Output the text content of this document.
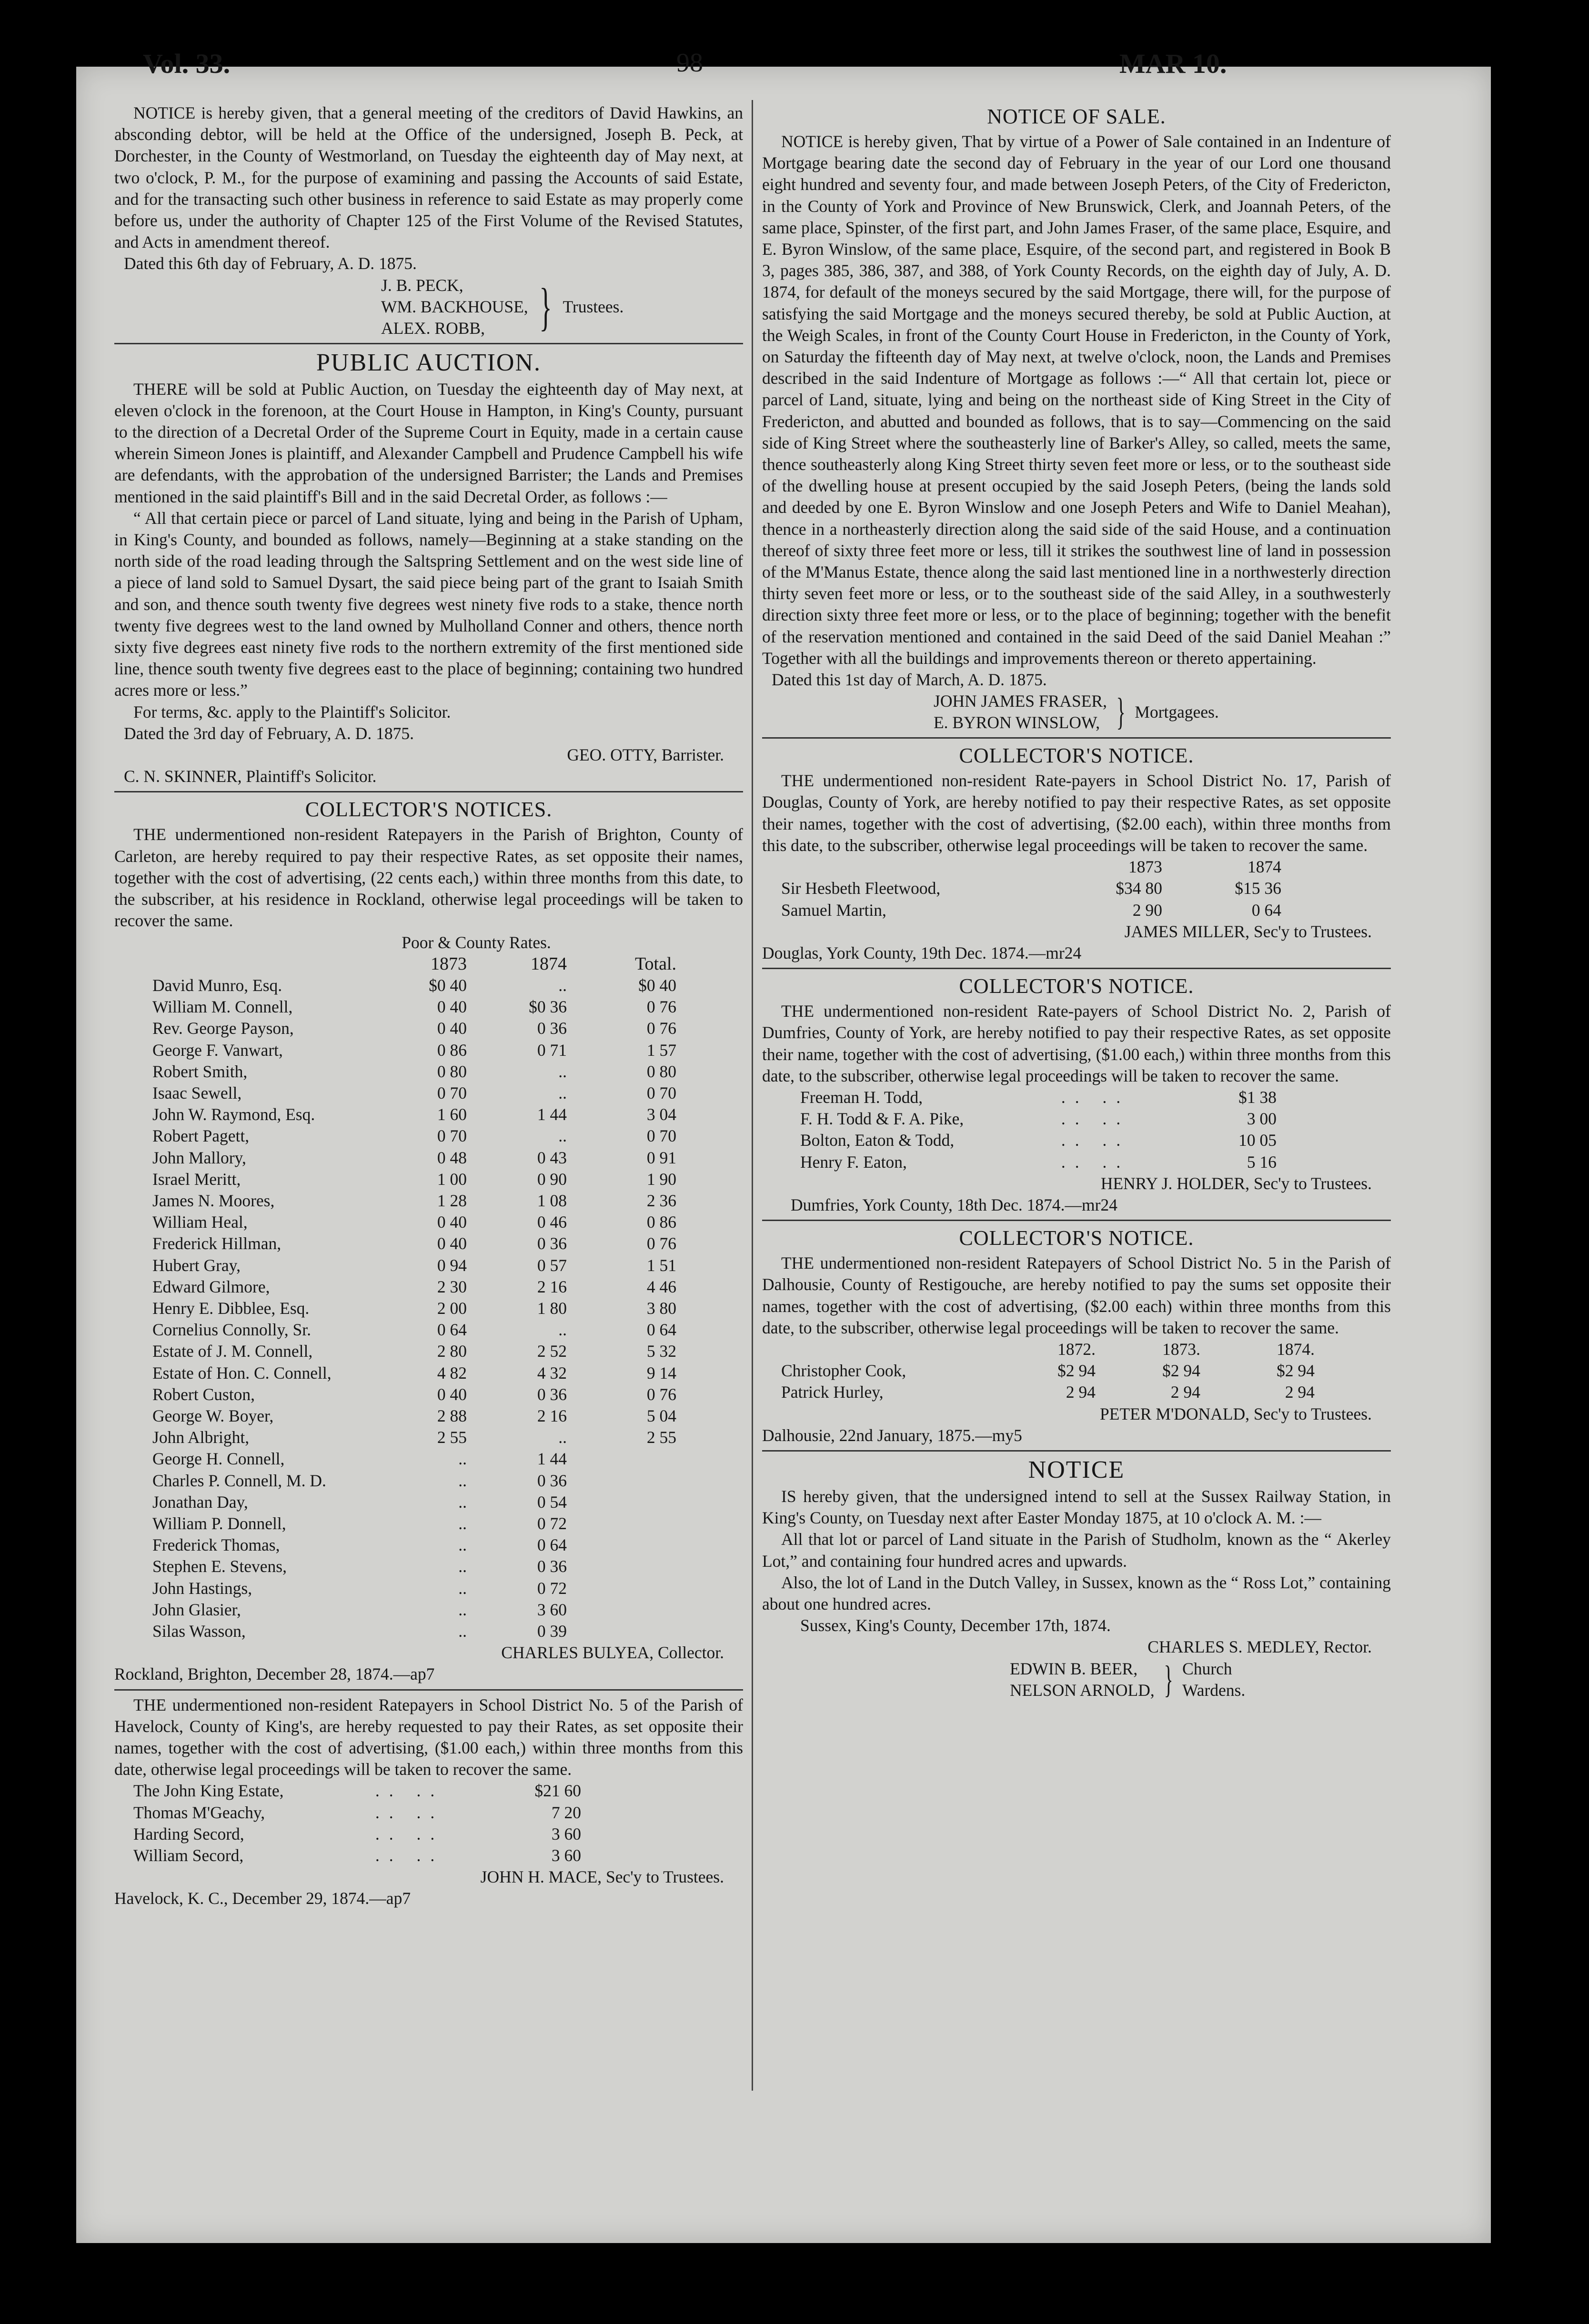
Vol. 33.	98	MAR 10.

NOTICE is hereby given, that a general meeting of the creditors of David Hawkins, an absconding debtor, will be held at the Office of the undersigned, Joseph B. Peck, at Dorchester, in the County of Westmorland, on Tuesday the eighteenth day of May next, at two o'clock, P. M., for the purpose of examining and passing the Accounts of said Estate, and for the transacting such other business in reference to said Estate as may properly come before us, under the authority of Chapter 125 of the First Volume of the Revised Statutes, and Acts in amendment thereof.

Dated this 6th day of February, A. D. 1875.

J. B. PECK,
WM. BACKHOUSE,
ALEX. ROBB,	} Trustees.
PUBLIC AUCTION.

THERE will be sold at Public Auction, on Tuesday the eighteenth day of May next, at eleven o'clock in the forenoon, at the Court House in Hampton, in King's County, pursuant to the direction of a Decretal Order of the Supreme Court in Equity, made in a certain cause wherein Simeon Jones is plaintiff, and Alexander Campbell and Prudence Campbell his wife are defendants, with the approbation of the undersigned Barrister; the Lands and Premises mentioned in the said plaintiff's Bill and in the said Decretal Order, as follows :—

“ All that certain piece or parcel of Land situate, lying and being in the Parish of Upham, in King's County, and bounded as follows, namely—Beginning at a stake standing on the north side of the road leading through the Saltspring Settlement and on the west side line of a piece of land sold to Samuel Dysart, the said piece being part of the grant to Isaiah Smith and son, and thence south twenty five degrees west ninety five rods to a stake, thence north twenty five degrees west to the land owned by Mulholland Conner and others, thence north sixty five degrees east ninety five rods to the northern extremity of the first mentioned side line, thence south twenty five degrees east to the place of beginning; containing two hundred acres more or less.”

For terms, &c. apply to the Plaintiff's Solicitor.

Dated the 3rd day of February, A. D. 1875.

GEO. OTTY, Barrister.
C. N. SKINNER, Plaintiff's Solicitor.
COLLECTOR'S NOTICES.

THE undermentioned non-resident Ratepayers in the Parish of Brighton, County of Carleton, are hereby required to pay their respective Rates, as set opposite their names, together with the cost of advertising, (22 cents each,) within three months from this date, to the subscriber, at his residence in Rockland, otherwise legal proceedings will be taken to recover the same.

Poor & County Rates.
	1873	1874	Total.
David Munro, Esq.	$0 40	..	$0 40
William M. Connell,	0 40	$0 36	0 76
Rev. George Payson,	0 40	0 36	0 76
George F. Vanwart,	0 86	0 71	1 57
Robert Smith,	0 80	..	0 80
Isaac Sewell,	0 70	..	0 70
John W. Raymond, Esq.	1 60	1 44	3 04
Robert Pagett,	0 70	..	0 70
John Mallory,	0 48	0 43	0 91
Israel Meritt,	1 00	0 90	1 90
James N. Moores,	1 28	1 08	2 36
William Heal,	0 40	0 46	0 86
Frederick Hillman,	0 40	0 36	0 76
Hubert Gray,	0 94	0 57	1 51
Edward Gilmore,	2 30	2 16	4 46
Henry E. Dibblee, Esq.	2 00	1 80	3 80
Cornelius Connolly, Sr.	0 64	..	0 64
Estate of J. M. Connell,	2 80	2 52	5 32
Estate of Hon. C. Connell,	4 82	4 32	9 14
Robert Custon,	0 40	0 36	0 76
George W. Boyer,	2 88	2 16	5 04
John Albright,	2 55	..	2 55
George H. Connell,	..	1 44	
Charles P. Connell, M. D.	..	0 36	
Jonathan Day,	..	0 54	
William P. Donnell,	..	0 72	
Frederick Thomas,	..	0 64	
Stephen E. Stevens,	..	0 36	
John Hastings,	..	0 72	
John Glasier,	..	3 60	
Silas Wasson,	..	0 39	
CHARLES BULYEA, Collector.
Rockland, Brighton, December 28, 1874.—ap7

THE undermentioned non-resident Ratepayers in School District No. 5 of the Parish of Havelock, County of King's, are hereby requested to pay their Rates, as set opposite their names, together with the cost of advertising, ($1.00 each,) within three months from this date, otherwise legal proceedings will be taken to recover the same.

The John King Estate,	.. ..	$21 60
Thomas M'Geachy,	.. ..	7 20
Harding Secord,	.. ..	3 60
William Secord,	.. ..	3 60
JOHN H. MACE, Sec'y to Trustees.
Havelock, K. C., December 29, 1874.—ap7
NOTICE OF SALE.

NOTICE is hereby given, That by virtue of a Power of Sale contained in an Indenture of Mortgage bearing date the second day of February in the year of our Lord one thousand eight hundred and seventy four, and made between Joseph Peters, of the City of Fredericton, in the County of York and Province of New Brunswick, Clerk, and Joannah Peters, of the same place, Spinster, of the first part, and John James Fraser, of the same place, Esquire, and E. Byron Winslow, of the same place, Esquire, of the second part, and registered in Book B 3, pages 385, 386, 387, and 388, of York County Records, on the eighth day of July, A. D. 1874, for default of the moneys secured by the said Mortgage, there will, for the purpose of satisfying the said Mortgage and the moneys secured thereby, be sold at Public Auction, at the Weigh Scales, in front of the County Court House in Fredericton, in the County of York, on Saturday the fifteenth day of May next, at twelve o'clock, noon, the Lands and Premises described in the said Indenture of Mortgage as follows :—“ All that certain lot, piece or parcel of Land, situate, lying and being on the northeast side of King Street in the City of Fredericton, and abutted and bounded as follows, that is to say—Commencing on the said side of King Street where the southeasterly line of Barker's Alley, so called, meets the same, thence southeasterly along King Street thirty seven feet more or less, or to the southeast side of the dwelling house at present occupied by the said Joseph Peters, (being the lands sold and deeded by one E. Byron Winslow and one Joseph Peters and Wife to Daniel Meahan), thence in a northeasterly direction along the said side of the said House, and a continuation thereof of sixty three feet more or less, till it strikes the southwest line of land in possession of the M'Manus Estate, thence along the said last mentioned line in a northwesterly direction thirty seven feet more or less, or to the southeast side of the said Alley, in a southwesterly direction sixty three feet more or less, or to the place of beginning; together with the benefit of the reservation mentioned and contained in the said Deed of the said Daniel Meahan :” Together with all the buildings and improvements thereon or thereto appertaining.

Dated this 1st day of March, A. D. 1875.

JOHN JAMES FRASER,
E. BYRON WINSLOW, } Mortgagees.
COLLECTOR'S NOTICE.

THE undermentioned non-resident Rate-payers in School District No. 17, Parish of Douglas, County of York, are hereby notified to pay their respective Rates, as set opposite their names, together with the cost of advertising, ($2.00 each), within three months from this date, to the subscriber, otherwise legal proceedings will be taken to recover the same.

	1873	1874
Sir Hesbeth Fleetwood,	$34 80	$15 36
Samuel Martin,	2 90	0 64
JAMES MILLER, Sec'y to Trustees.
Douglas, York County, 19th Dec. 1874.—mr24
COLLECTOR'S NOTICE.

THE undermentioned non-resident Rate-payers of School District No. 2, Parish of Dumfries, County of York, are hereby notified to pay their respective Rates, as set opposite their name, together with the cost of advertising, ($1.00 each,) within three months from this date, to the subscriber, otherwise legal proceedings will be taken to recover the same.

Freeman H. Todd,	.. ..	$1 38
F. H. Todd & F. A. Pike,	.. ..	3 00
Bolton, Eaton & Todd,	.. ..	10 05
Henry F. Eaton,	.. ..	5 16
HENRY J. HOLDER, Sec'y to Trustees.
Dumfries, York County, 18th Dec. 1874.—mr24
COLLECTOR'S NOTICE.

THE undermentioned non-resident Ratepayers of School District No. 5 in the Parish of Dalhousie, County of Restigouche, are hereby notified to pay the sums set opposite their names, together with the cost of advertising, ($2.00 each) within three months from this date, to the subscriber, otherwise legal proceedings will be taken to recover the same.

	1872.	1873.	1874.
Christopher Cook,	$2 94	$2 94	$2 94
Patrick Hurley,	2 94	2 94	2 94
PETER M'DONALD, Sec'y to Trustees.
Dalhousie, 22nd January, 1875.—my5
NOTICE

IS hereby given, that the undersigned intend to sell at the Sussex Railway Station, in King's County, on Tuesday next after Easter Monday 1875, at 10 o'clock A. M. :—

All that lot or parcel of Land situate in the Parish of Studholm, known as the “ Akerley Lot,” and containing four hundred acres and upwards.

Also, the lot of Land in the Dutch Valley, in Sussex, known as the “ Ross Lot,” containing about one hundred acres.

Sussex, King's County, December 17th, 1874.
CHARLES S. MEDLEY, Rector.
EDWIN B. BEER,
NELSON ARNOLD, } Church
Wardens.
